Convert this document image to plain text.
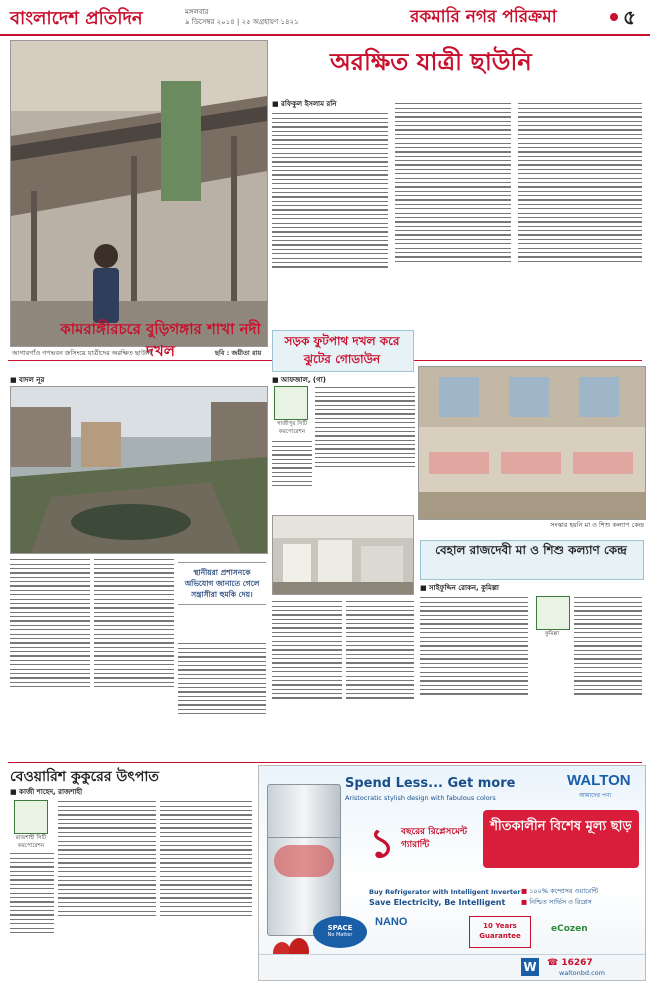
বাংলাদেশ প্রতিদিন	মঙ্গলবার
৯ ডিসেম্বর ২০১৪ | ২৫ অগ্রহায়ণ ১৪২১	রকমারি নগর পরিক্রমা	৫
আগারগাঁও গণভবন ক্রসিংয়ে যাত্রীদের অরক্ষিত ছাউনি	ছবি : জয়ীতা রায়
অরক্ষিত যাত্রী ছাউনি
■ রফিকুল ইসলাম রনি
কামরাঙ্গীরচরে বুড়িগঙ্গার শাখা নদী দখল
■ বাদল নূর
স্থানীয়রা প্রশাসনকে অভিযোগ জানাতে গেলে সন্ত্রাসীরা হুমকি দেয়।
সড়ক ফুটপাথ দখল করে ঝুটের গোডাউন
■ আফজাল, (গা)
গাজীপুর সিটি করপোরেশন
সংস্কার হয়নি মা ও শিশু কল্যাণ কেন্দ্র
বেহাল রাজদেবী মা ও শিশু কল্যাণ কেন্দ্র
■ সাইফুদ্দিন রোকন, কুমিল্লা
কুমিল্লা
বেওয়ারিশ কুকুরের উৎপাত
■ কাজী শাহেদ, রাজশাহী
রাজশাহী সিটি করপোরেশন
SPACE
No Matter
Spend Less... Get more
Aristocratic stylish design with fabulous colors
WALTON
আমাদের পণ্য
১ বছরের রিপ্লেসমেন্ট গ্যারান্টি
শীতকালীন বিশেষ মূল্য ছাড়
Buy Refrigerator with Intelligent Inverter
Save Electricity, Be Intelligent
■ ১০০% কম্প্রেসর ওয়ারেন্টি
■ নিশ্চিত সার্ভিস ও রিপ্লেস
NANO	10 Years Guarantee
eCozen
☎ 16267
waltonbd.com
W
